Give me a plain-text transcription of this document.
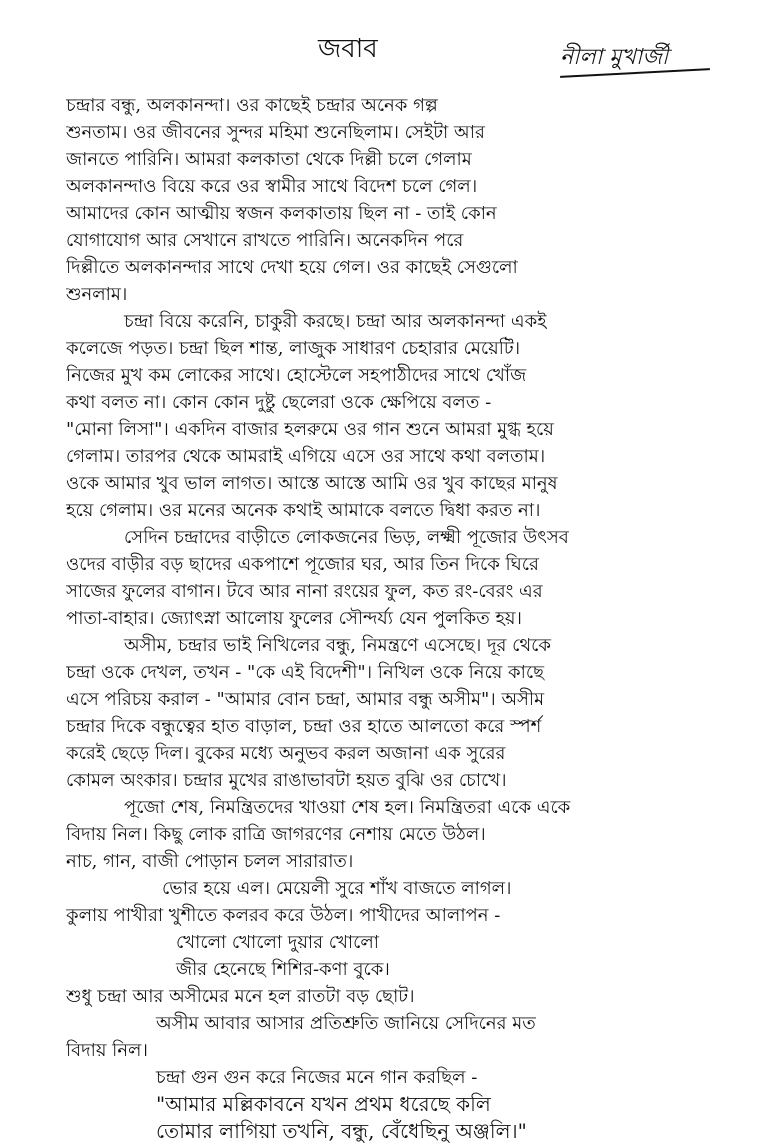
জবাব	নীলা মুখার্জী
চন্দ্রার বন্ধু, অলকানন্দা। ওর কাছেই চন্দ্রার অনেক গল্প
শুনতাম। ওর জীবনের সুন্দর মহিমা শুনেছিলাম। সেইটা আর
জানতে পারিনি। আমরা কলকাতা থেকে দিল্লী চলে গেলাম
অলকানন্দাও বিয়ে করে ওর স্বামীর সাথে বিদেশ চলে গেল।
আমাদের কোন আত্মীয় স্বজন কলকাতায় ছিল না - তাই কোন
যোগাযোগ আর সেখানে রাখতে পারিনি। অনেকদিন পরে
দিল্লীতে অলকানন্দার সাথে দেখা হয়ে গেল। ওর কাছেই সেগুলো
শুনলাম।
চন্দ্রা বিয়ে করেনি, চাকুরী করছে। চন্দ্রা আর অলকানন্দা একই
কলেজে পড়ত। চন্দ্রা ছিল শান্ত, লাজুক সাধারণ চেহারার মেয়েটি।
নিজের মুখ কম লোকের সাথে। হোস্টেলে সহপাঠীদের সাথে খোঁজ
কথা বলত না। কোন কোন দুষ্টু ছেলেরা ওকে ক্ষেপিয়ে বলত -
"মোনা লিসা"। একদিন বাজার হলরুমে ওর গান শুনে আমরা মুগ্ধ হয়ে
গেলাম। তারপর থেকে আমরাই এগিয়ে এসে ওর সাথে কথা বলতাম।
ওকে আমার খুব ভাল লাগত। আস্তে আস্তে আমি ওর খুব কাছের মানুষ
হয়ে গেলাম। ওর মনের অনেক কথাই আমাকে বলতে দ্বিধা করত না।
সেদিন চন্দ্রাদের বাড়ীতে লোকজনের ভিড়, লক্ষ্মী পূজোর উৎসব
ওদের বাড়ীর বড় ছাদের একপাশে পূজোর ঘর, আর তিন দিকে ঘিরে
সাজের ফুলের বাগান। টবে আর নানা রংয়ের ফুল, কত রং-বেরং এর
পাতা-বাহার। জ্যোৎস্না আলোয় ফুলের সৌন্দর্য্য যেন পুলকিত হয়।
অসীম, চন্দ্রার ভাই নিখিলের বন্ধু, নিমন্ত্রণে এসেছে। দূর থেকে
চন্দ্রা ওকে দেখল, তখন - "কে এই বিদেশী"। নিখিল ওকে নিয়ে কাছে
এসে পরিচয় করাল - "আমার বোন চন্দ্রা, আমার বন্ধু অসীম"। অসীম
চন্দ্রার দিকে বন্ধুত্বের হাত বাড়াল, চন্দ্রা ওর হাতে আলতো করে স্পর্শ
করেই ছেড়ে দিল। বুকের মধ্যে অনুভব করল অজানা এক সুরের
কোমল অংকার। চন্দ্রার মুখের রাঙাভাবটা হয়ত বুঝি ওর চোখে।
পূজো শেষ, নিমন্ত্রিতদের খাওয়া শেষ হল। নিমন্ত্রিতরা একে একে
বিদায় নিল। কিছু লোক রাত্রি জাগরণের নেশায় মেতে উঠল।
নাচ, গান, বাজী পোড়ান চলল সারারাত।
ভোর হয়ে এল। মেয়েলী সুরে শাঁখ বাজতে লাগল।
কুলায় পাখীরা খুশীতে কলরব করে উঠল। পাখীদের আলাপন -
খোলো খোলো দুয়ার খোলো
জীর হেনেছে শিশির-কণা বুকে।
শুধু চন্দ্রা আর অসীমের মনে হল রাতটা বড় ছোট।
অসীম আবার আসার প্রতিশ্রুতি জানিয়ে সেদিনের মত
বিদায় নিল।
চন্দ্রা গুন গুন করে নিজের মনে গান করছিল -
"আমার মল্লিকাবনে যখন প্রথম ধরেছে কলি
তোমার লাগিয়া তখনি, বন্ধু, বেঁধেছিনু অঞ্জলি।"
